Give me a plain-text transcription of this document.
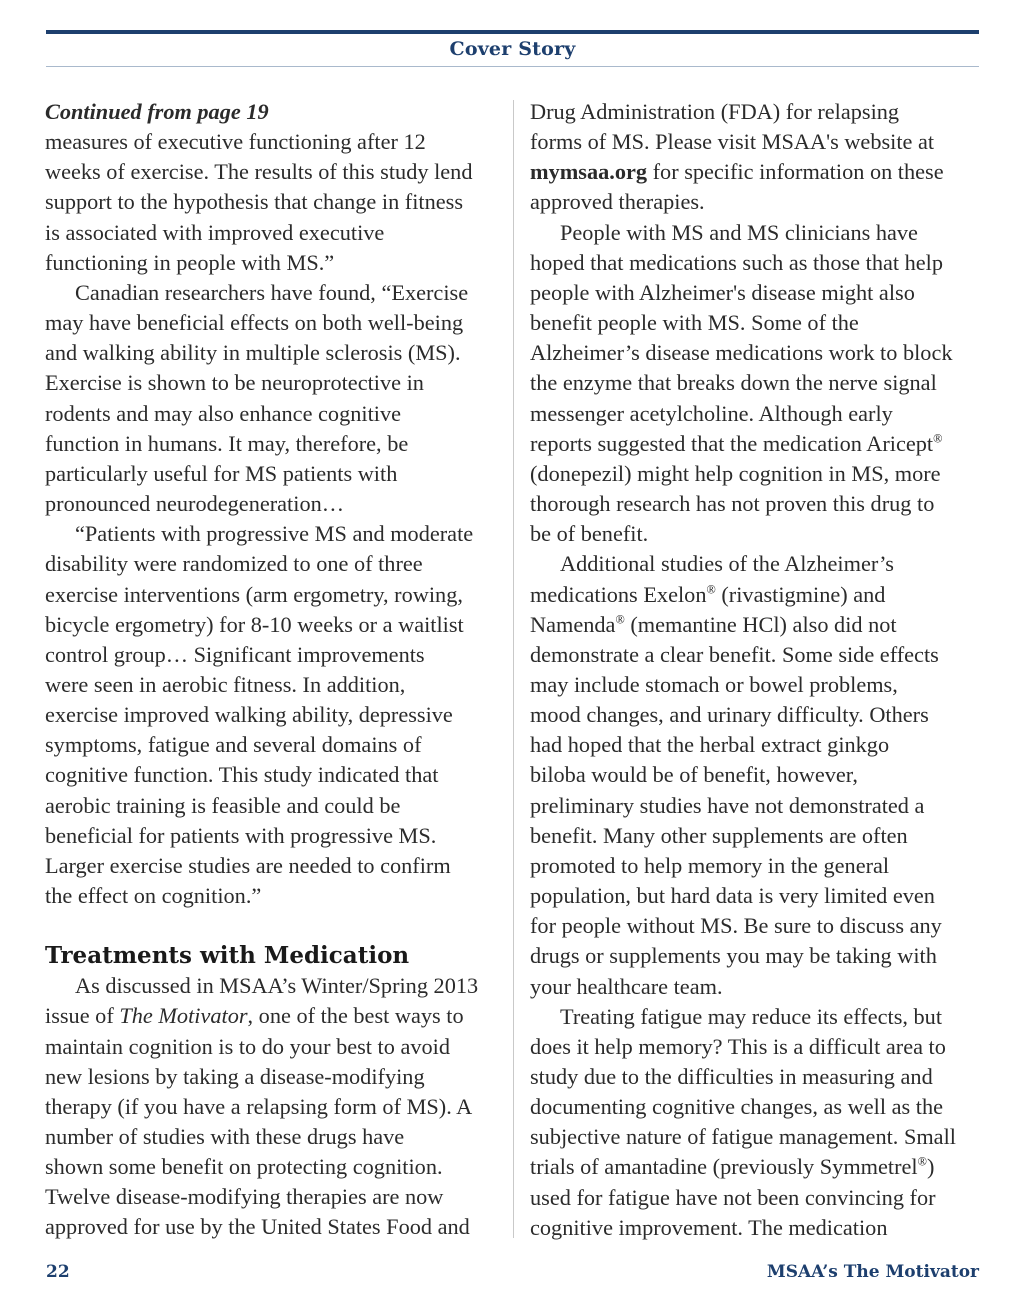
Cover Story
Continued from page 19
measures of executive functioning after 12
weeks of exercise. The results of this study lend
support to the hypothesis that change in fitness
is associated with improved executive
functioning in people with MS.”
Canadian researchers have found, “Exercise
may have beneficial effects on both well-being
and walking ability in multiple sclerosis (MS).
Exercise is shown to be neuroprotective in
rodents and may also enhance cognitive
function in humans. It may, therefore, be
particularly useful for MS patients with
pronounced neurodegeneration…
“Patients with progressive MS and moderate
disability were randomized to one of three
exercise interventions (arm ergometry, rowing,
bicycle ergometry) for 8-10 weeks or a waitlist
control group… Significant improvements
were seen in aerobic fitness. In addition,
exercise improved walking ability, depressive
symptoms, fatigue and several domains of
cognitive function. This study indicated that
aerobic training is feasible and could be
beneficial for patients with progressive MS.
Larger exercise studies are needed to confirm
the effect on cognition.”
Treatments with Medication
As discussed in MSAA’s Winter/Spring 2013
issue of The Motivator, one of the best ways to
maintain cognition is to do your best to avoid
new lesions by taking a disease-modifying
therapy (if you have a relapsing form of MS). A
number of studies with these drugs have
shown some benefit on protecting cognition.
Twelve disease-modifying therapies are now
approved for use by the United States Food and
Drug Administration (FDA) for relapsing
forms of MS. Please visit MSAA's website at
mymsaa.org for specific information on these
approved therapies.
People with MS and MS clinicians have
hoped that medications such as those that help
people with Alzheimer's disease might also
benefit people with MS. Some of the
Alzheimer’s disease medications work to block
the enzyme that breaks down the nerve signal
messenger acetylcholine. Although early
reports suggested that the medication Aricept®
(donepezil) might help cognition in MS, more
thorough research has not proven this drug to
be of benefit.
Additional studies of the Alzheimer’s
medications Exelon® (rivastigmine) and
Namenda® (memantine HCl) also did not
demonstrate a clear benefit. Some side effects
may include stomach or bowel problems,
mood changes, and urinary difficulty. Others
had hoped that the herbal extract ginkgo
biloba would be of benefit, however,
preliminary studies have not demonstrated a
benefit. Many other supplements are often
promoted to help memory in the general
population, but hard data is very limited even
for people without MS. Be sure to discuss any
drugs or supplements you may be taking with
your healthcare team.
Treating fatigue may reduce its effects, but
does it help memory? This is a difficult area to
study due to the difficulties in measuring and
documenting cognitive changes, as well as the
subjective nature of fatigue management. Small
trials of amantadine (previously Symmetrel®)
used for fatigue have not been convincing for
cognitive improvement. The medication
22	MSAA’s The Motivator
